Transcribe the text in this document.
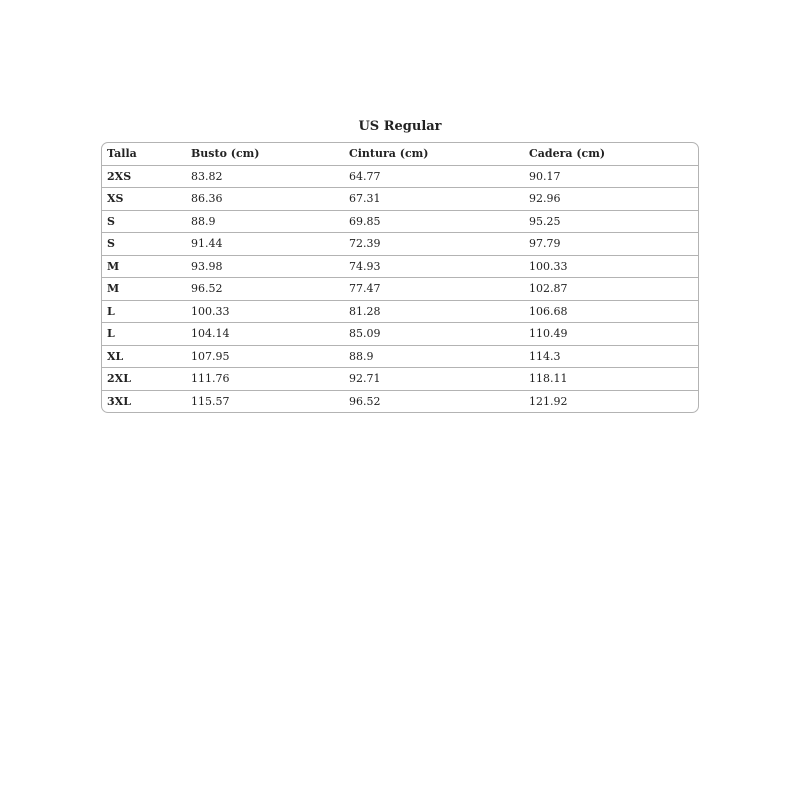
US Regular
Talla	Busto (cm)	Cintura (cm)	Cadera (cm)
2XS	83.82	64.77	90.17
XS	86.36	67.31	92.96
S	88.9	69.85	95.25
S	91.44	72.39	97.79
M	93.98	74.93	100.33
M	96.52	77.47	102.87
L	100.33	81.28	106.68
L	104.14	85.09	110.49
XL	107.95	88.9	114.3
2XL	111.76	92.71	118.11
3XL	115.57	96.52	121.92
